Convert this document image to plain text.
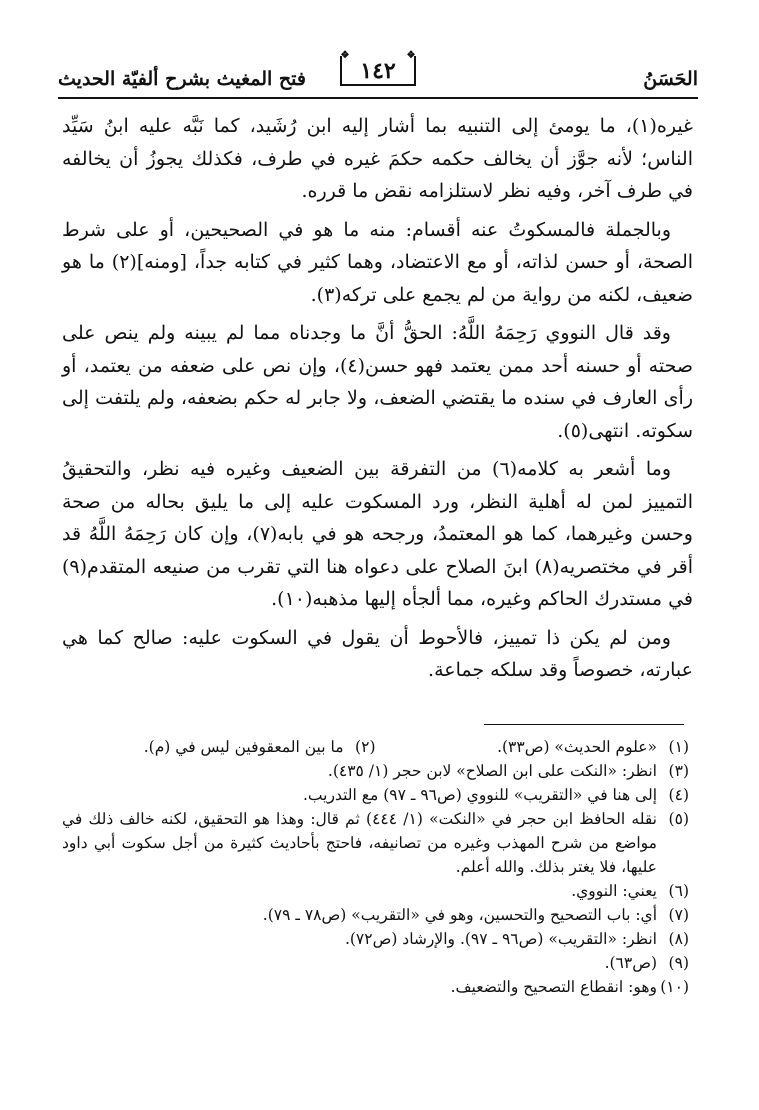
الحَسَنُ
❖	❖
١٤٢
فتح المغيث بشرح ألفيّة الحديث

غيره(١)، ما يومئ إلى التنبيه بما أشار إليه ابن رُشَيد، كما نَبَّه عليه ابنُ سَيِّد الناس؛ لأنه جوَّز أن يخالف حكمه حكمَ غيره في طرف، فكذلك يجوزُ أن يخالفه في طرف آخر، وفيه نظر لاستلزامه نقض ما قرره.

وبالجملة فالمسكوتُ عنه أقسام: منه ما هو في الصحيحين، أو على شرط الصحة، أو حسن لذاته، أو مع الاعتضاد، وهما كثير في كتابه جداً، [ومنه](٢) ما هو ضعيف، لكنه من رواية من لم يجمع على تركه(٣).

وقد قال النووي رَحِمَهُ اللَّهُ: الحقُّ أنَّ ما وجدناه مما لم يبينه ولم ينص على صحته أو حسنه أحد ممن يعتمد فهو حسن(٤)، وإن نص على ضعفه من يعتمد، أو رأى العارف في سنده ما يقتضي الضعف، ولا جابر له حكم بضعفه، ولم يلتفت إلى سكوته. انتهى(٥).

وما أشعر به كلامه(٦) من التفرقة بين الضعيف وغيره فيه نظر، والتحقيقُ التمييز لمن له أهلية النظر، ورد المسكوت عليه إلى ما يليق بحاله من صحة وحسن وغيرهما، كما هو المعتمدُ، ورجحه هو في بابه(٧)، وإن كان رَحِمَهُ اللَّهُ قد أقر في مختصريه(٨) ابنَ الصلاح على دعواه هنا التي تقرب من صنيعه المتقدم(٩) في مستدرك الحاكم وغيره، مما ألجأه إليها مذهبه(١٠).

ومن لم يكن ذا تمييز، فالأحوط أن يقول في السكوت عليه: صالح كما هي عبارته، خصوصاً وقد سلكه جماعة.

(١)
«علوم الحديث» (ص٣٣).
(٢)
ما بين المعقوفين ليس في (م).
(٣)
انظر: «النكت على ابن الصلاح» لابن حجر (١/ ٤٣٥).
(٤)
إلى هنا في «التقريب» للنووي (ص٩٦ ـ ٩٧) مع التدريب.
(٥)
نقله الحافظ ابن حجر في «النكت» (١/ ٤٤٤) ثم قال: وهذا هو التحقيق، لكنه خالف ذلك في مواضع من شرح المهذب وغيره من تصانيفه، فاحتج بأحاديث كثيرة من أجل سكوت أبي داود عليها، فلا يغتر بذلك. والله أعلم.
(٦)
يعني: النووي.
(٧)
أي: باب التصحيح والتحسين، وهو في «التقريب» (ص٧٨ ـ ٧٩).
(٨)
انظر: «التقريب» (ص٩٦ ـ ٩٧). والإرشاد (ص٧٢).
(٩)
(ص٦٣).
(١٠)
وهو: انقطاع التصحيح والتضعيف.
